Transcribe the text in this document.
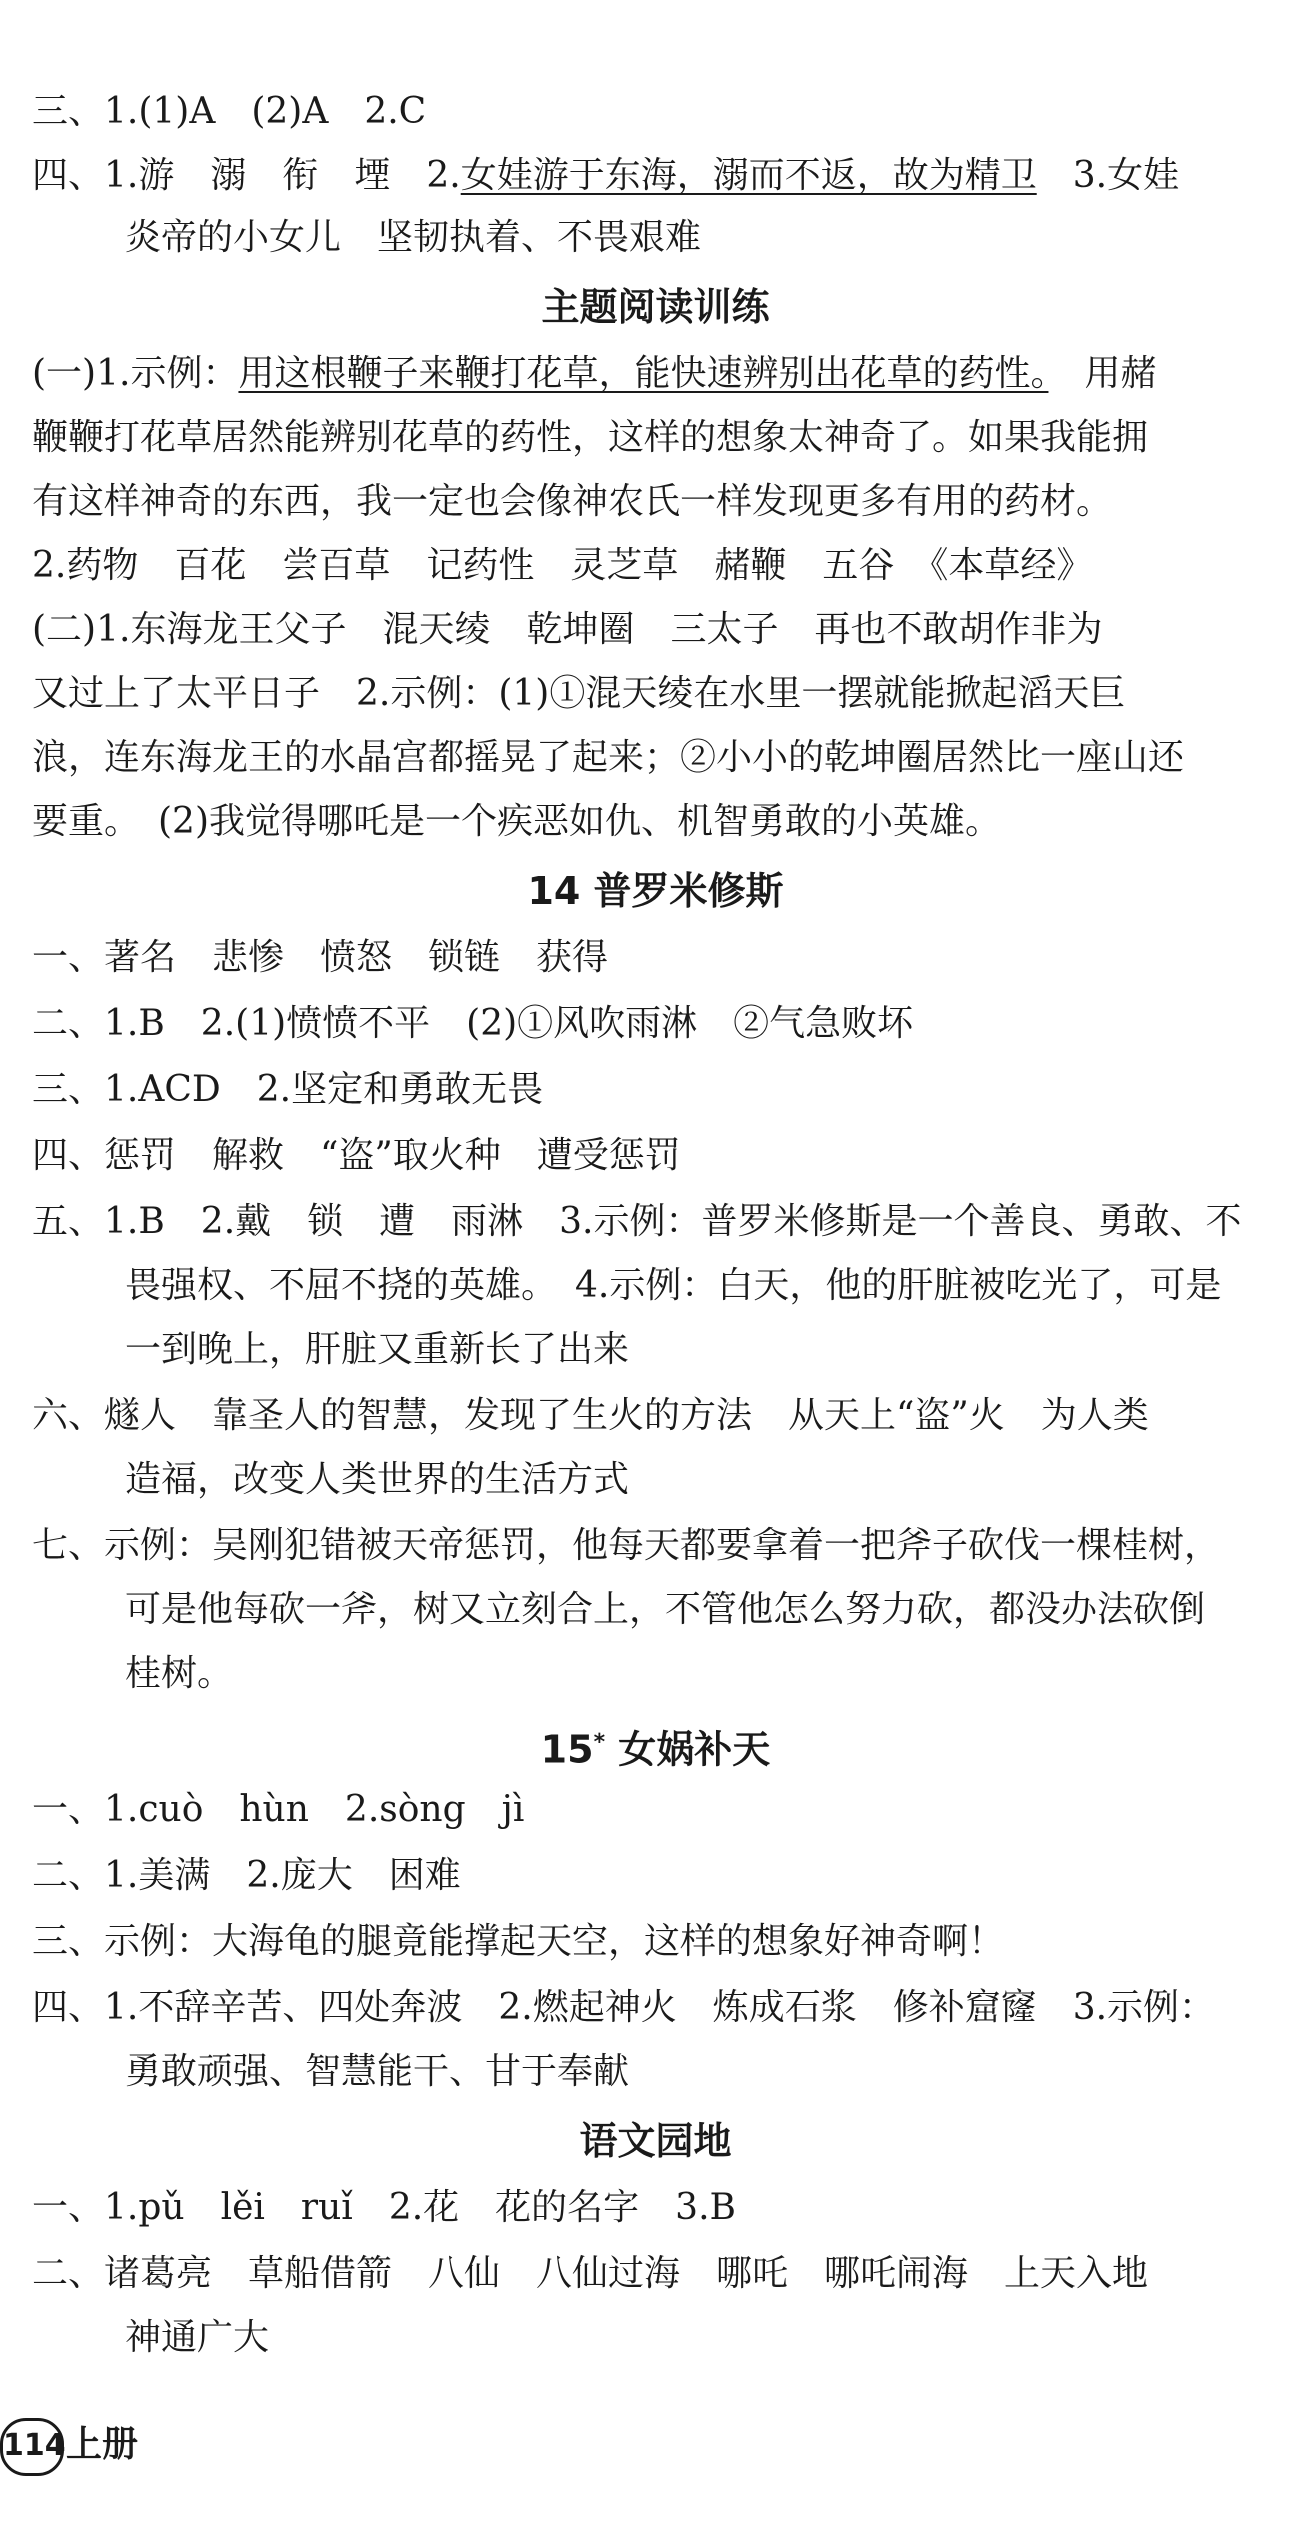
三、1.(1)A　(2)A　2.C
四、1.游　溺　衔　堙　2.女娃游于东海，溺而不返，故为精卫　3.女娃
炎帝的小女儿　坚韧执着、不畏艰难
主题阅读训练
(一)1.示例：用这根鞭子来鞭打花草，能快速辨别出花草的药性。　用赭
鞭鞭打花草居然能辨别花草的药性，这样的想象太神奇了。如果我能拥
有这样神奇的东西，我一定也会像神农氏一样发现更多有用的药材。
2.药物　百花　尝百草　记药性　灵芝草　赭鞭　五谷　《本草经》
(二)1.东海龙王父子　混天绫　乾坤圈　三太子　再也不敢胡作非为
又过上了太平日子　2.示例：(1)①混天绫在水里一摆就能掀起滔天巨
浪，连东海龙王的水晶宫都摇晃了起来；②小小的乾坤圈居然比一座山还
要重。　(2)我觉得哪吒是一个疾恶如仇、机智勇敢的小英雄。
14 普罗米修斯
一、著名　悲惨　愤怒　锁链　获得
二、1.B　2.(1)愤愤不平　(2)①风吹雨淋　②气急败坏
三、1.ACD　2.坚定和勇敢无畏
四、惩罚　解救　“盗”取火种　遭受惩罚
五、1.B　2.戴　锁　遭　雨淋　3.示例：普罗米修斯是一个善良、勇敢、不
畏强权、不屈不挠的英雄。　4.示例：白天，他的肝脏被吃光了，可是
一到晚上，肝脏又重新长了出来
六、燧人　靠圣人的智慧，发现了生火的方法　从天上“盗”火　为人类
造福，改变人类世界的生活方式
七、示例：吴刚犯错被天帝惩罚，他每天都要拿着一把斧子砍伐一棵桂树，
可是他每砍一斧，树又立刻合上，不管他怎么努力砍，都没办法砍倒
桂树。
15* 女娲补天
一、1.cuò　hùn　2.sòng　jì
二、1.美满　2.庞大　困难
三、示例：大海龟的腿竟能撑起天空，这样的想象好神奇啊！
四、1.不辞辛苦、四处奔波　2.燃起神火　炼成石浆　修补窟窿　3.示例：
勇敢顽强、智慧能干、甘于奉献
语文园地
一、1.pǔ　lěi　ruǐ　2.花　花的名字　3.B
二、诸葛亮　草船借箭　八仙　八仙过海　哪吒　哪吒闹海　上天入地
神通广大
114 上册
